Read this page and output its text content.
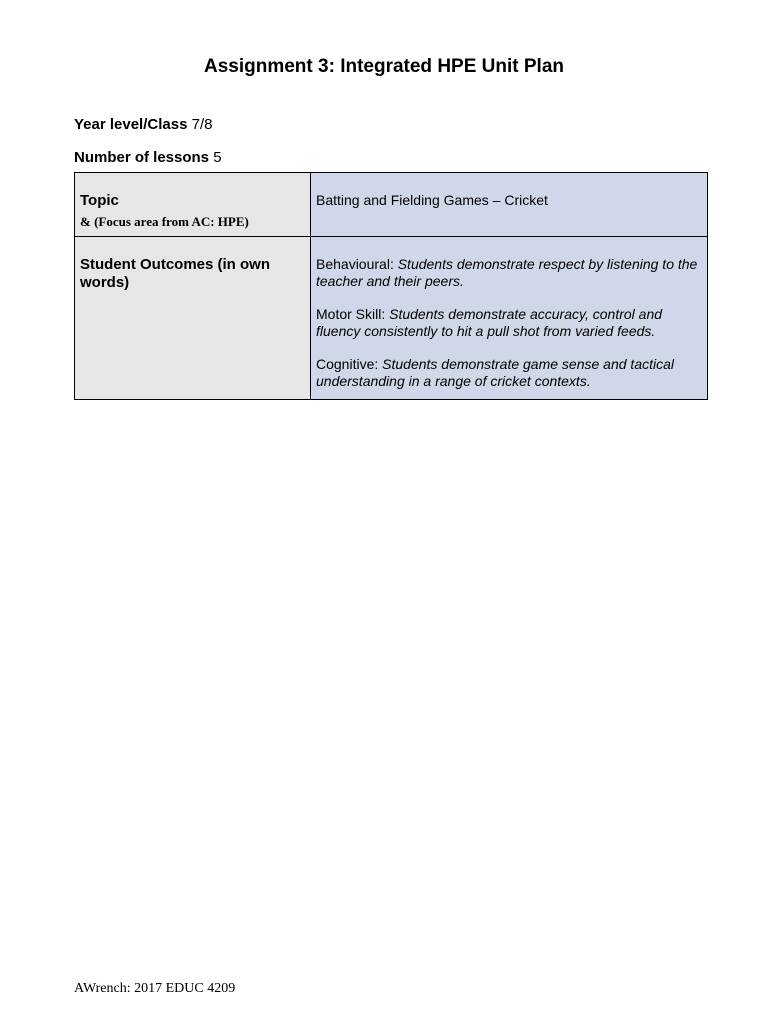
Assignment 3: Integrated HPE Unit Plan
Year level/Class 7/8
Number of lessons 5
Topic
& (Focus area from AC: HPE)	Batting and Fielding Games – Cricket

Student Outcomes (in own words)	Behavioural: Students demonstrate respect by listening to the teacher and their peers.

Motor Skill: Students demonstrate accuracy, control and fluency consistently to hit a pull shot from varied feeds.

Cognitive: Students demonstrate game sense and tactical understanding in a range of cricket contexts.

AWrench: 2017 EDUC 4209
